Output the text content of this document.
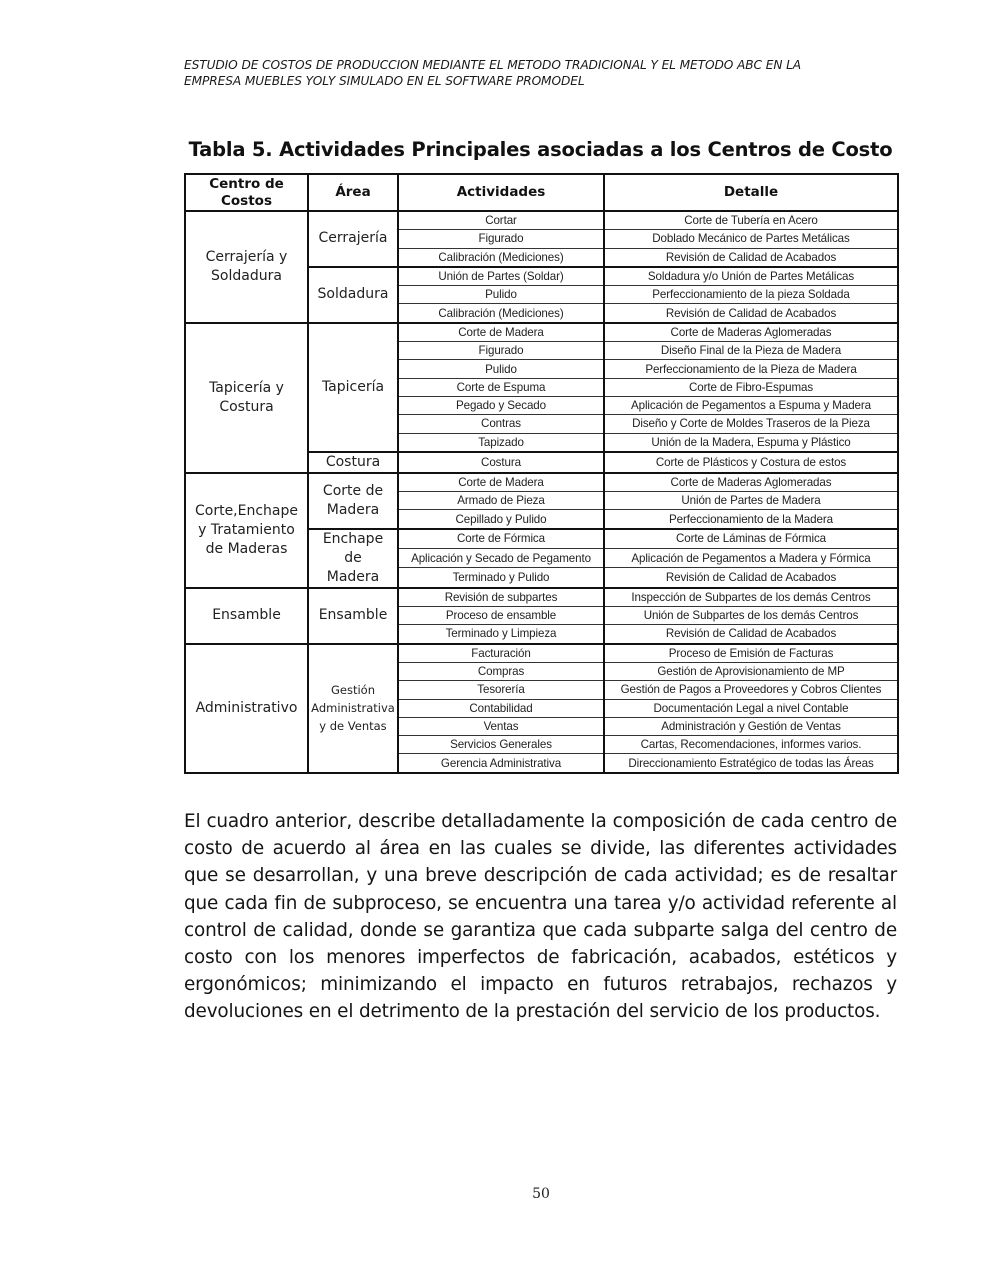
ESTUDIO DE COSTOS DE PRODUCCION MEDIANTE EL METODO TRADICIONAL Y EL METODO ABC EN LA
EMPRESA MUEBLES YOLY SIMULADO EN EL SOFTWARE PROMODEL
Tabla 5. Actividades Principales asociadas a los Centros de Costo
Centro de Costos	Área	Actividades	Detalle
Cerrajería y Soldadura	Cerrajería	Cortar	Corte de Tubería en Acero
		Figurado	Doblado Mecánico de Partes Metálicas
		Calibración (Mediciones)	Revisión de Calidad de Acabados
	Soldadura	Unión de Partes (Soldar)	Soldadura y/o Unión de Partes Metálicas
		Pulido	Perfeccionamiento de la pieza Soldada
		Calibración (Mediciones)	Revisión de Calidad de Acabados
Tapicería y Costura	Tapicería	Corte de Madera	Corte de Maderas Aglomeradas
		Figurado	Diseño Final de la Pieza de Madera
		Pulido	Perfeccionamiento de la Pieza de Madera
		Corte de Espuma	Corte de Fibro-Espumas
		Pegado y Secado	Aplicación de Pegamentos a Espuma y Madera
		Contras	Diseño y Corte de Moldes Traseros de la Pieza
		Tapizado	Unión de la Madera, Espuma y Plástico
	Costura	Costura	Corte de Plásticos y Costura de estos
Corte,Enchape y Tratamiento de Maderas	Corte de Madera	Corte de Madera	Corte de Maderas Aglomeradas
		Armado de Pieza	Unión de Partes de Madera
		Cepillado y Pulido	Perfeccionamiento de la Madera
	Enchape de Madera	Corte de Fórmica	Corte de Láminas de Fórmica
		Aplicación y Secado de Pegamento	Aplicación de Pegamentos a Madera y Fórmica
		Terminado y Pulido	Revisión de Calidad de Acabados
Ensamble	Ensamble	Revisión de subpartes	Inspección de Subpartes de los demás Centros
		Proceso de ensamble	Unión de Subpartes de los demás Centros
		Terminado y Limpieza	Revisión de Calidad de Acabados
Administrativo	Gestión Administrativa y de Ventas	Facturación	Proceso de Emisión de Facturas
		Compras	Gestión de Aprovisionamiento de MP
		Tesorería	Gestión de Pagos a Proveedores y Cobros Clientes
		Contabilidad	Documentación Legal a nivel Contable
		Ventas	Administración y Gestión de Ventas
		Servicios Generales	Cartas, Recomendaciones, informes varios.
		Gerencia Administrativa	Direccionamiento Estratégico de todas las Áreas
El cuadro anterior, describe detalladamente la composición de cada centro de costo de acuerdo al área en las cuales se divide, las diferentes actividades que se desarrollan, y una breve descripción de cada actividad; es de resaltar que cada fin de subproceso, se encuentra una tarea y/o actividad referente al control de calidad, donde se garantiza que cada subparte salga del centro de costo con los menores imperfectos de fabricación, acabados, estéticos y ergonómicos; minimizando el impacto en futuros retrabajos, rechazos y devoluciones en el detrimento de la prestación del servicio de los productos.
50
